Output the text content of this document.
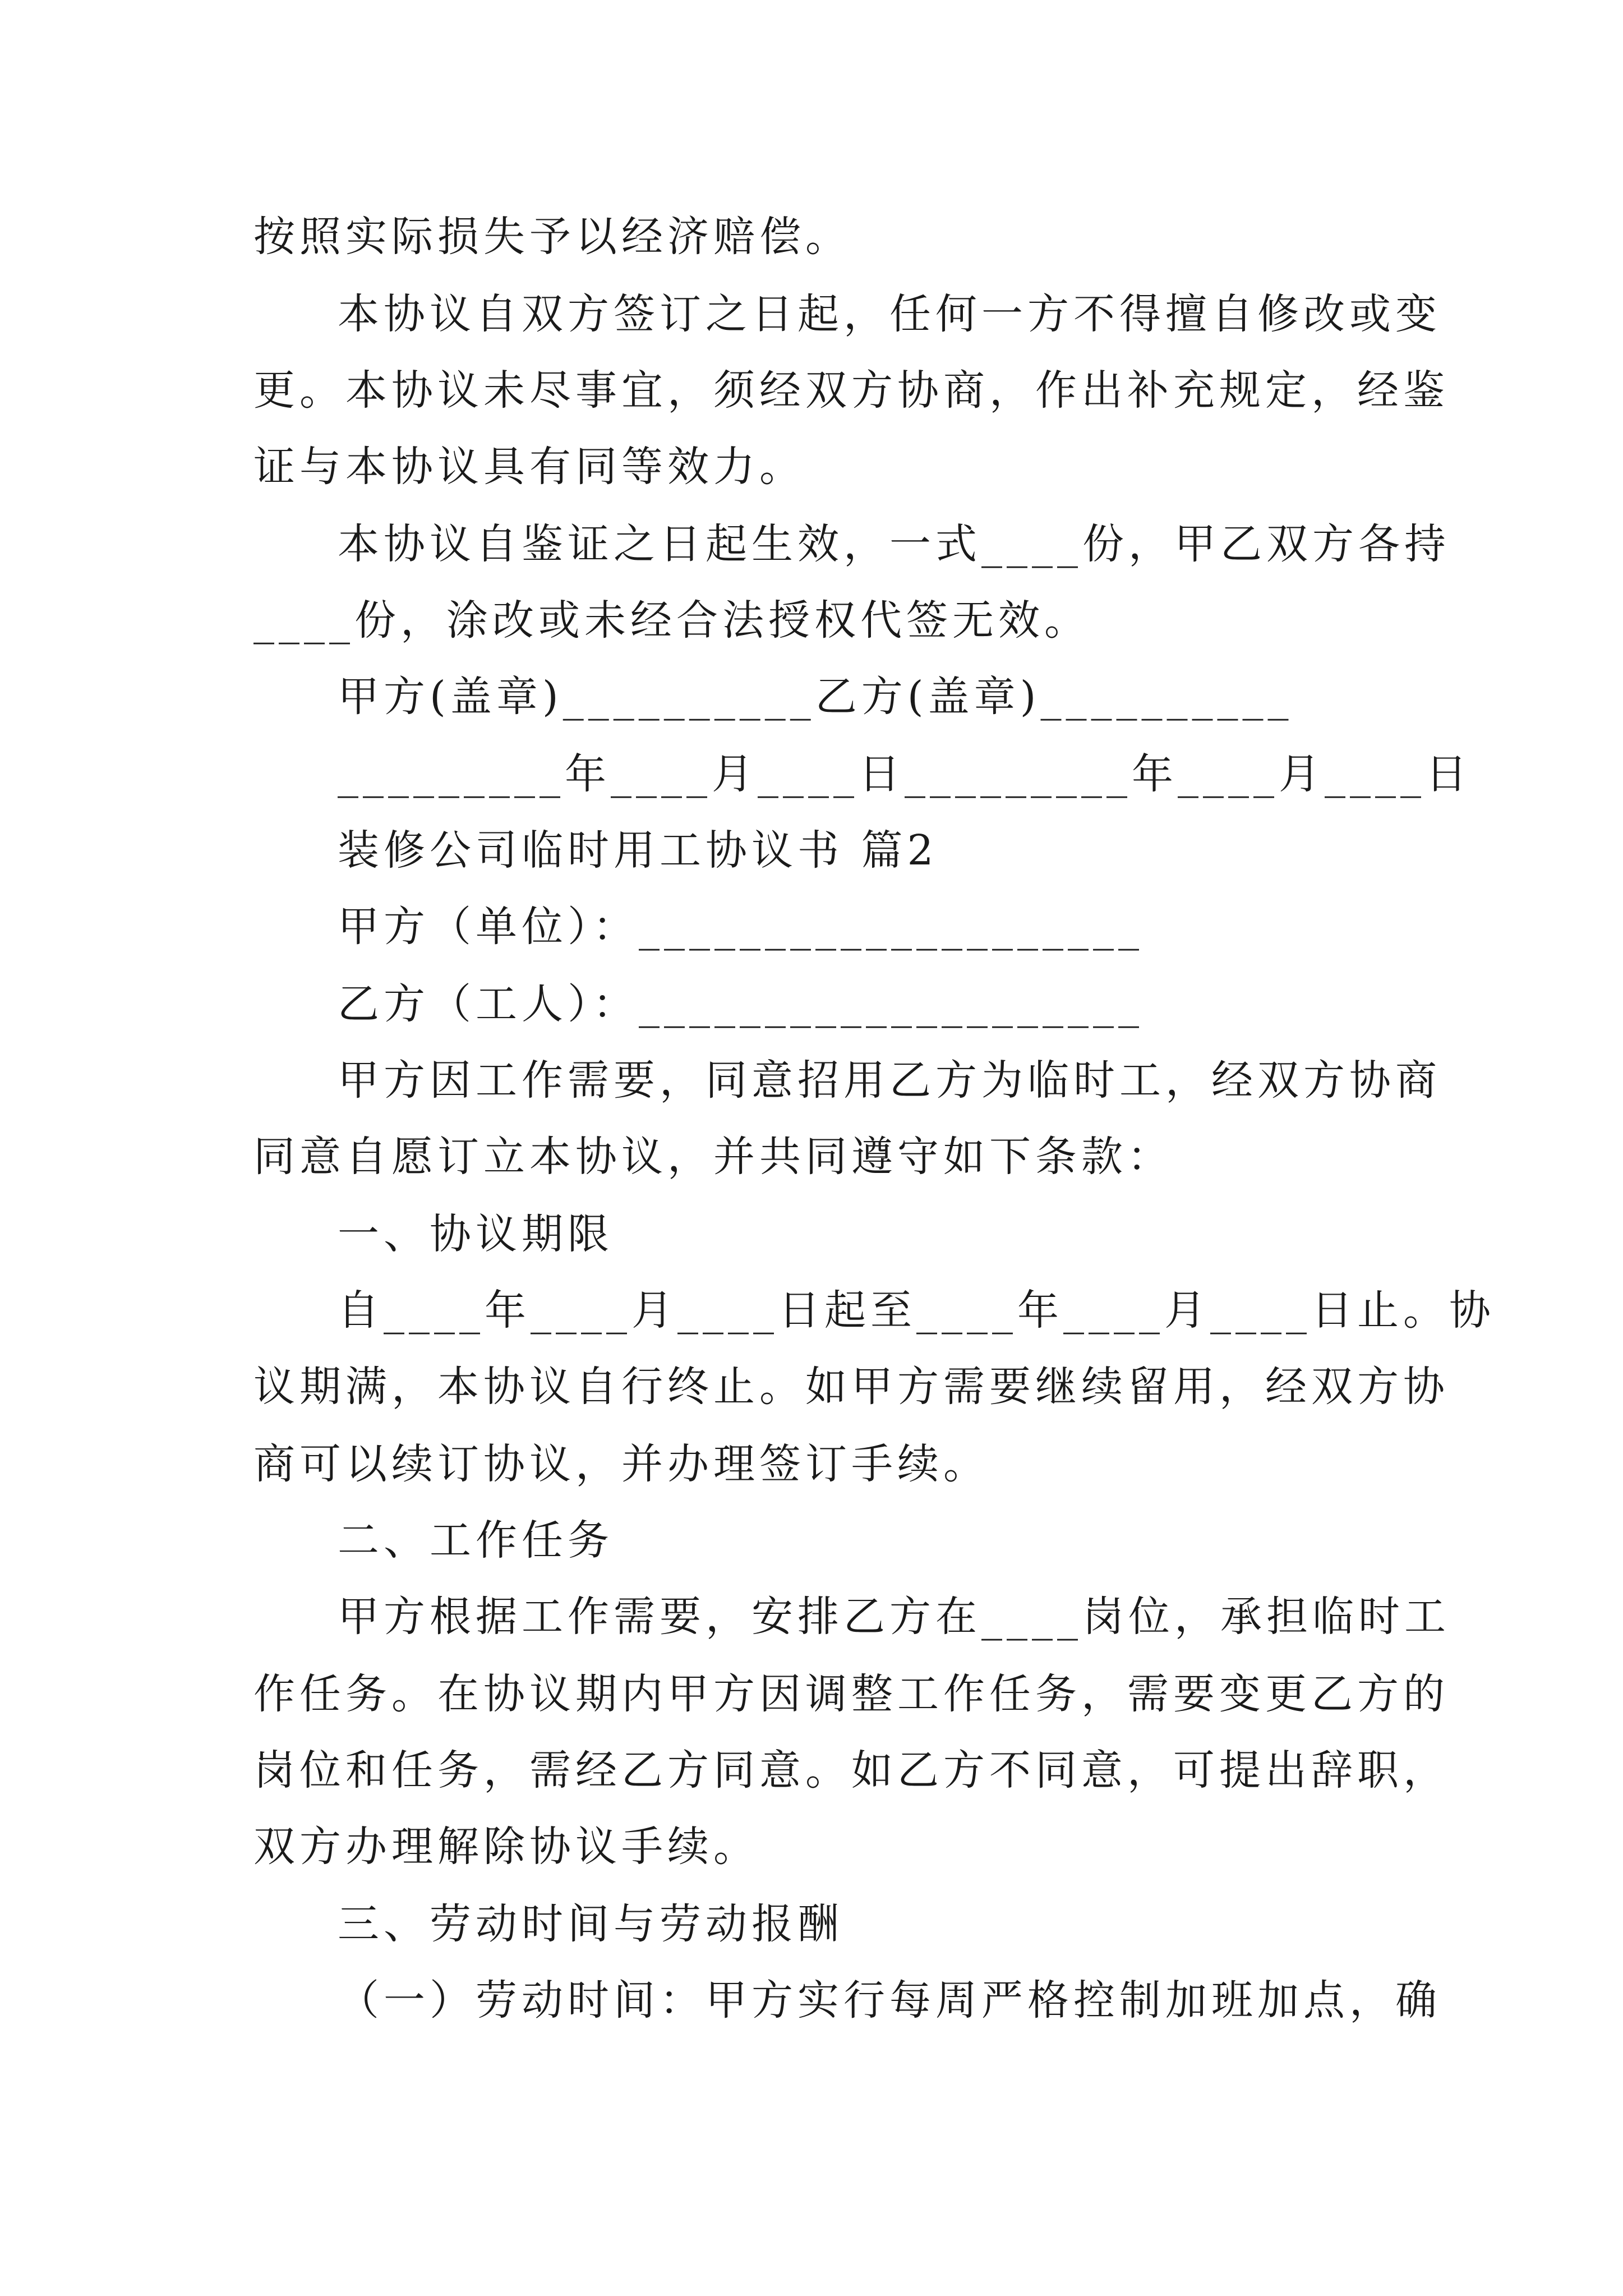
按照实际损失予以经济赔偿。
本协议自双方签订之日起，任何一方不得擅自修改或变
更。本协议未尽事宜，须经双方协商，作出补充规定，经鉴
证与本协议具有同等效力。
本协议自鉴证之日起生效，一式____份，甲乙双方各持
____份，涂改或未经合法授权代签无效。
甲方(盖章)__________乙方(盖章)__________
_________年____月____日_________年____月____日
装修公司临时用工协议书 篇2
甲方（单位）：____________________
乙方（工人）：____________________
甲方因工作需要，同意招用乙方为临时工，经双方协商
同意自愿订立本协议，并共同遵守如下条款：
一、协议期限
自____年____月____日起至____年____月____日止。协
议期满，本协议自行终止。如甲方需要继续留用，经双方协
商可以续订协议，并办理签订手续。
二、工作任务
甲方根据工作需要，安排乙方在____岗位，承担临时工
作任务。在协议期内甲方因调整工作任务，需要变更乙方的
岗位和任务，需经乙方同意。如乙方不同意，可提出辞职，
双方办理解除协议手续。
三、劳动时间与劳动报酬
（一）劳动时间：甲方实行每周严格控制加班加点，确
